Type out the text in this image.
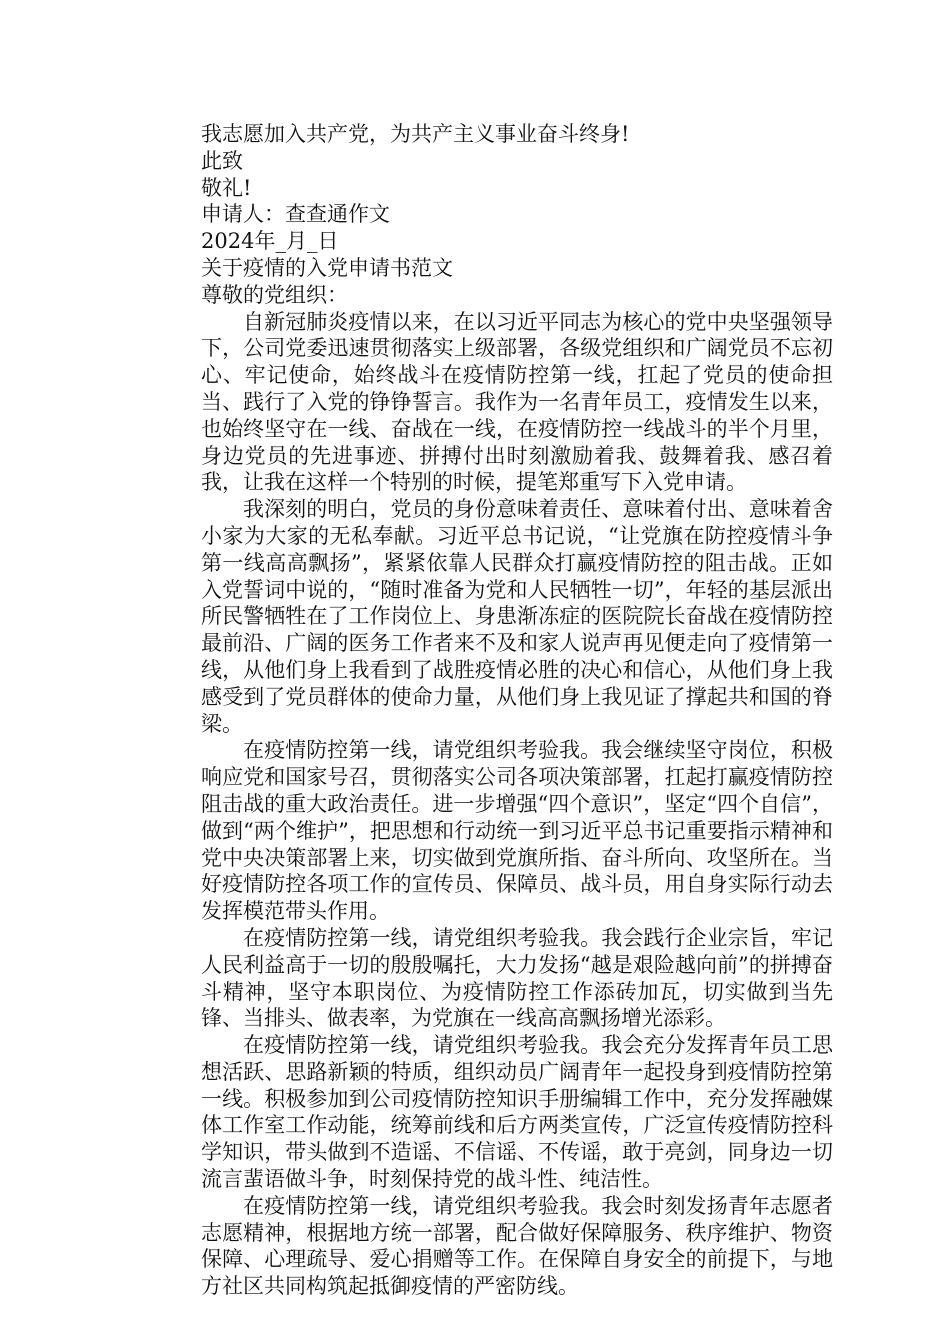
我志愿加入共产党，为共产主义事业奋斗终身!
此致
敬礼!
申请人：查查通作文
2024年_月_日
关于疫情的入党申请书范文
尊敬的党组织：

自新冠肺炎疫情以来，在以习近平同志为核心的党中央坚强领导下，公司党委迅速贯彻落实上级部署，各级党组织和广阔党员不忘初心、牢记使命，始终战斗在疫情防控第一线，扛起了党员的使命担当、践行了入党的铮铮誓言。我作为一名青年员工，疫情发生以来，也始终坚守在一线、奋战在一线，在疫情防控一线战斗的半个月里，身边党员的先进事迹、拼搏付出时刻激励着我、鼓舞着我、感召着我，让我在这样一个特别的时候，提笔郑重写下入党申请。

我深刻的明白，党员的身份意味着责任、意味着付出、意味着舍小家为大家的无私奉献。习近平总书记说，“让党旗在防控疫情斗争第一线高高飘扬”，紧紧依靠人民群众打赢疫情防控的阻击战。正如入党誓词中说的，“随时准备为党和人民牺牲一切”，年轻的基层派出所民警牺牲在了工作岗位上、身患渐冻症的医院院长奋战在疫情防控最前沿、广阔的医务工作者来不及和家人说声再见便走向了疫情第一线，从他们身上我看到了战胜疫情必胜的决心和信心，从他们身上我感受到了党员群体的使命力量，从他们身上我见证了撑起共和国的脊梁。

在疫情防控第一线，请党组织考验我。我会继续坚守岗位，积极响应党和国家号召，贯彻落实公司各项决策部署，扛起打赢疫情防控阻击战的重大政治责任。进一步增强“四个意识”，坚定“四个自信”，做到“两个维护”，把思想和行动统一到习近平总书记重要指示精神和党中央决策部署上来，切实做到党旗所指、奋斗所向、攻坚所在。当好疫情防控各项工作的宣传员、保障员、战斗员，用自身实际行动去发挥模范带头作用。

在疫情防控第一线，请党组织考验我。我会践行企业宗旨，牢记人民利益高于一切的殷殷嘱托，大力发扬“越是艰险越向前”的拼搏奋斗精神，坚守本职岗位、为疫情防控工作添砖加瓦，切实做到当先锋、当排头、做表率，为党旗在一线高高飘扬增光添彩。

在疫情防控第一线，请党组织考验我。我会充分发挥青年员工思想活跃、思路新颖的特质，组织动员广阔青年一起投身到疫情防控第一线。积极参加到公司疫情防控知识手册编辑工作中，充分发挥融媒体工作室工作动能，统筹前线和后方两类宣传，广泛宣传疫情防控科学知识，带头做到不造谣、不信谣、不传谣，敢于亮剑，同身边一切流言蜚语做斗争，时刻保持党的战斗性、纯洁性。

在疫情防控第一线，请党组织考验我。我会时刻发扬青年志愿者志愿精神，根据地方统一部署，配合做好保障服务、秩序维护、物资保障、心理疏导、爱心捐赠等工作。在保障自身安全的前提下，与地方社区共同构筑起抵御疫情的严密防线。
